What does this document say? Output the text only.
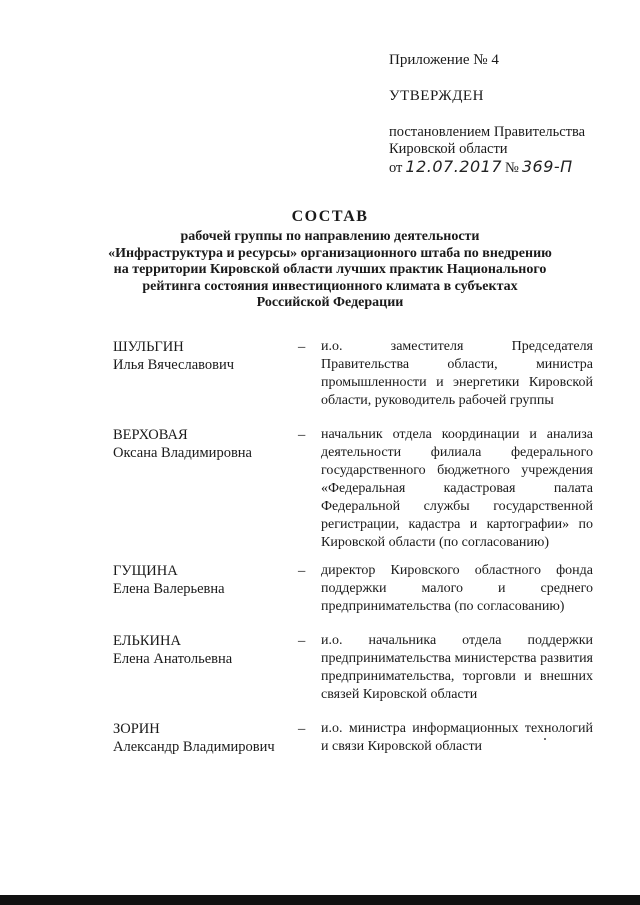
Приложение № 4
УТВЕРЖДЕН
постановлением Правительства
Кировской области
от 12.07.2017 № 369-П
СОСТАВ
рабочей группы по направлению деятельности
«Инфраструктура и ресурсы» организационного штаба по внедрению
на территории Кировской области лучших практик Национального
рейтинга состояния инвестиционного климата в субъектах
Российской Федерации
ШУЛЬГИН
Илья Вячеславович
–	и.о. заместителя Председателя Правительства области, министра промышленности и энергетики Кировской области, руководитель рабочей группы
ВЕРХОВАЯ
Оксана Владимировна
–	начальник отдела координации и анализа деятельности филиала федерального государственного бюджетного учреждения «Федеральная кадастровая палата Федеральной службы государственной регистрации, кадастра и картографии» по Кировской области (по согласованию)
ГУЩИНА
Елена Валерьевна
–	директор Кировского областного фонда поддержки малого и среднего предпринимательства (по согласованию)
ЕЛЬКИНА
Елена Анатольевна
–	и.о. начальника отдела поддержки предпринимательства министерства развития предпринимательства, торговли и внешних связей Кировской области
ЗОРИН
Александр Владимирович
–	и.о. министра информационных технологий и связи Кировской области
